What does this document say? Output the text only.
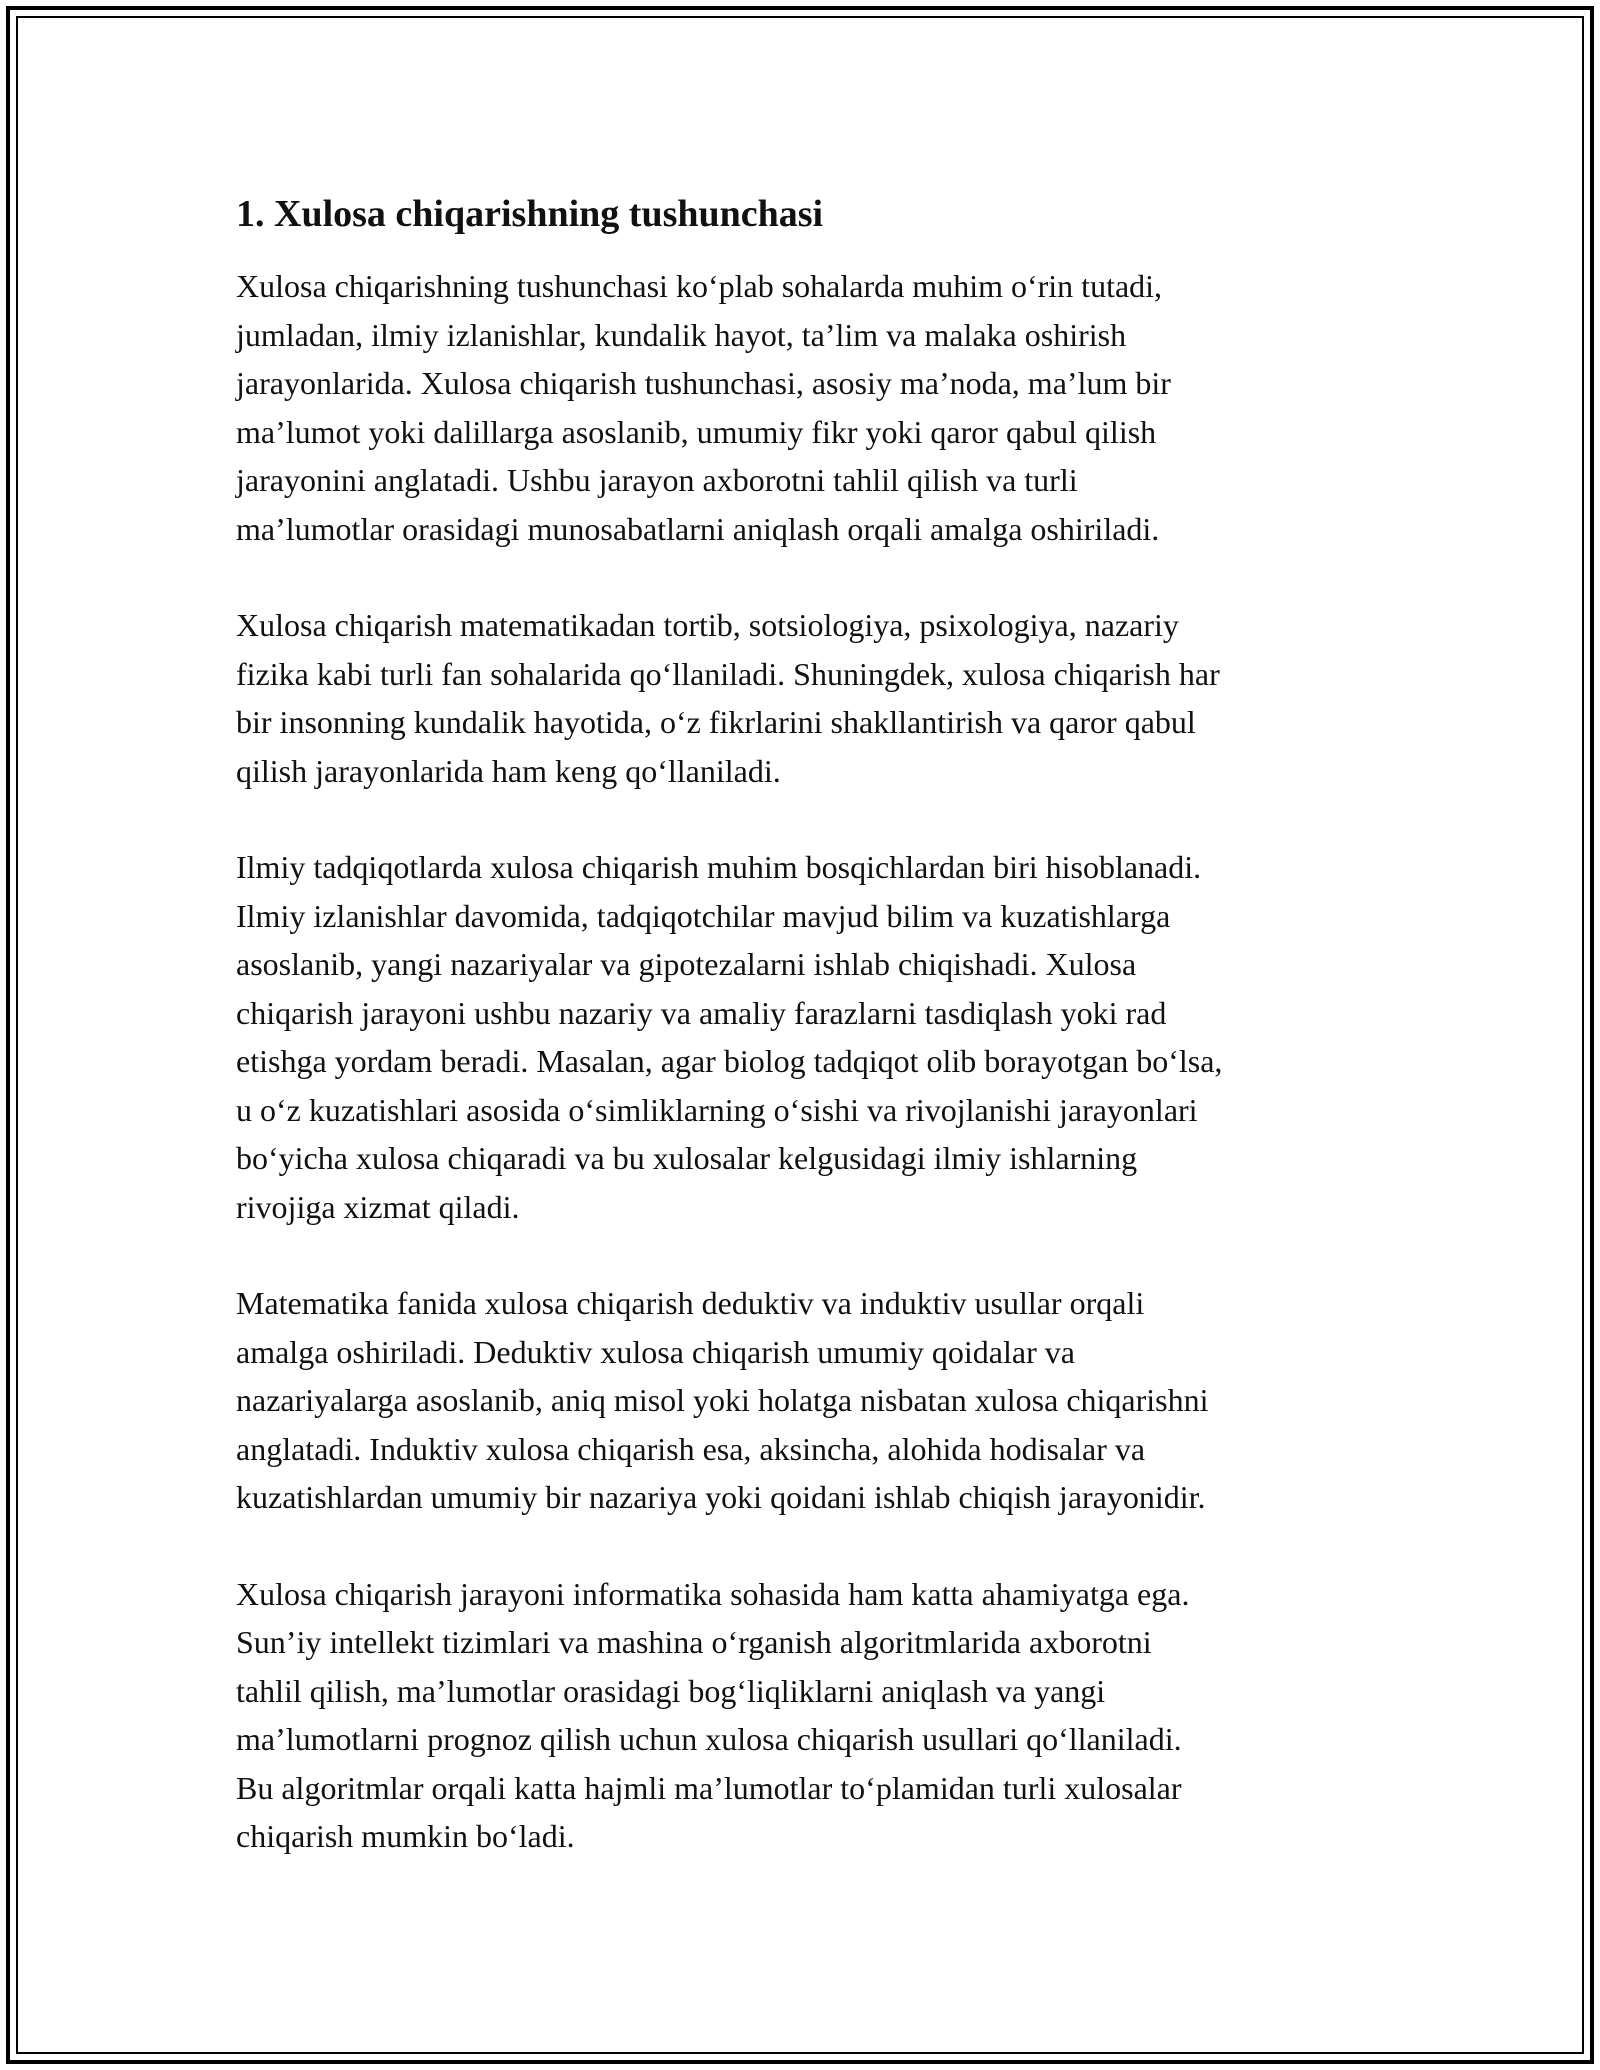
1. Xulosa chiqarishning tushunchasi

Xulosa chiqarishning tushunchasi ko‘plab sohalarda muhim o‘rin tutadi,
jumladan, ilmiy izlanishlar, kundalik hayot, ta’lim va malaka oshirish
jarayonlarida. Xulosa chiqarish tushunchasi, asosiy ma’noda, ma’lum bir
ma’lumot yoki dalillarga asoslanib, umumiy fikr yoki qaror qabul qilish
jarayonini anglatadi. Ushbu jarayon axborotni tahlil qilish va turli
ma’lumotlar orasidagi munosabatlarni aniqlash orqali amalga oshiriladi.

Xulosa chiqarish matematikadan tortib, sotsiologiya, psixologiya, nazariy
fizika kabi turli fan sohalarida qo‘llaniladi. Shuningdek, xulosa chiqarish har
bir insonning kundalik hayotida, o‘z fikrlarini shakllantirish va qaror qabul
qilish jarayonlarida ham keng qo‘llaniladi.

Ilmiy tadqiqotlarda xulosa chiqarish muhim bosqichlardan biri hisoblanadi.
Ilmiy izlanishlar davomida, tadqiqotchilar mavjud bilim va kuzatishlarga
asoslanib, yangi nazariyalar va gipotezalarni ishlab chiqishadi. Xulosa
chiqarish jarayoni ushbu nazariy va amaliy farazlarni tasdiqlash yoki rad
etishga yordam beradi. Masalan, agar biolog tadqiqot olib borayotgan bo‘lsa,
u o‘z kuzatishlari asosida o‘simliklarning o‘sishi va rivojlanishi jarayonlari
bo‘yicha xulosa chiqaradi va bu xulosalar kelgusidagi ilmiy ishlarning
rivojiga xizmat qiladi.

Matematika fanida xulosa chiqarish deduktiv va induktiv usullar orqali
amalga oshiriladi. Deduktiv xulosa chiqarish umumiy qoidalar va
nazariyalarga asoslanib, aniq misol yoki holatga nisbatan xulosa chiqarishni
anglatadi. Induktiv xulosa chiqarish esa, aksincha, alohida hodisalar va
kuzatishlardan umumiy bir nazariya yoki qoidani ishlab chiqish jarayonidir.

Xulosa chiqarish jarayoni informatika sohasida ham katta ahamiyatga ega.
Sun’iy intellekt tizimlari va mashina o‘rganish algoritmlarida axborotni
tahlil qilish, ma’lumotlar orasidagi bog‘liqliklarni aniqlash va yangi
ma’lumotlarni prognoz qilish uchun xulosa chiqarish usullari qo‘llaniladi.
Bu algoritmlar orqali katta hajmli ma’lumotlar to‘plamidan turli xulosalar
chiqarish mumkin bo‘ladi.
